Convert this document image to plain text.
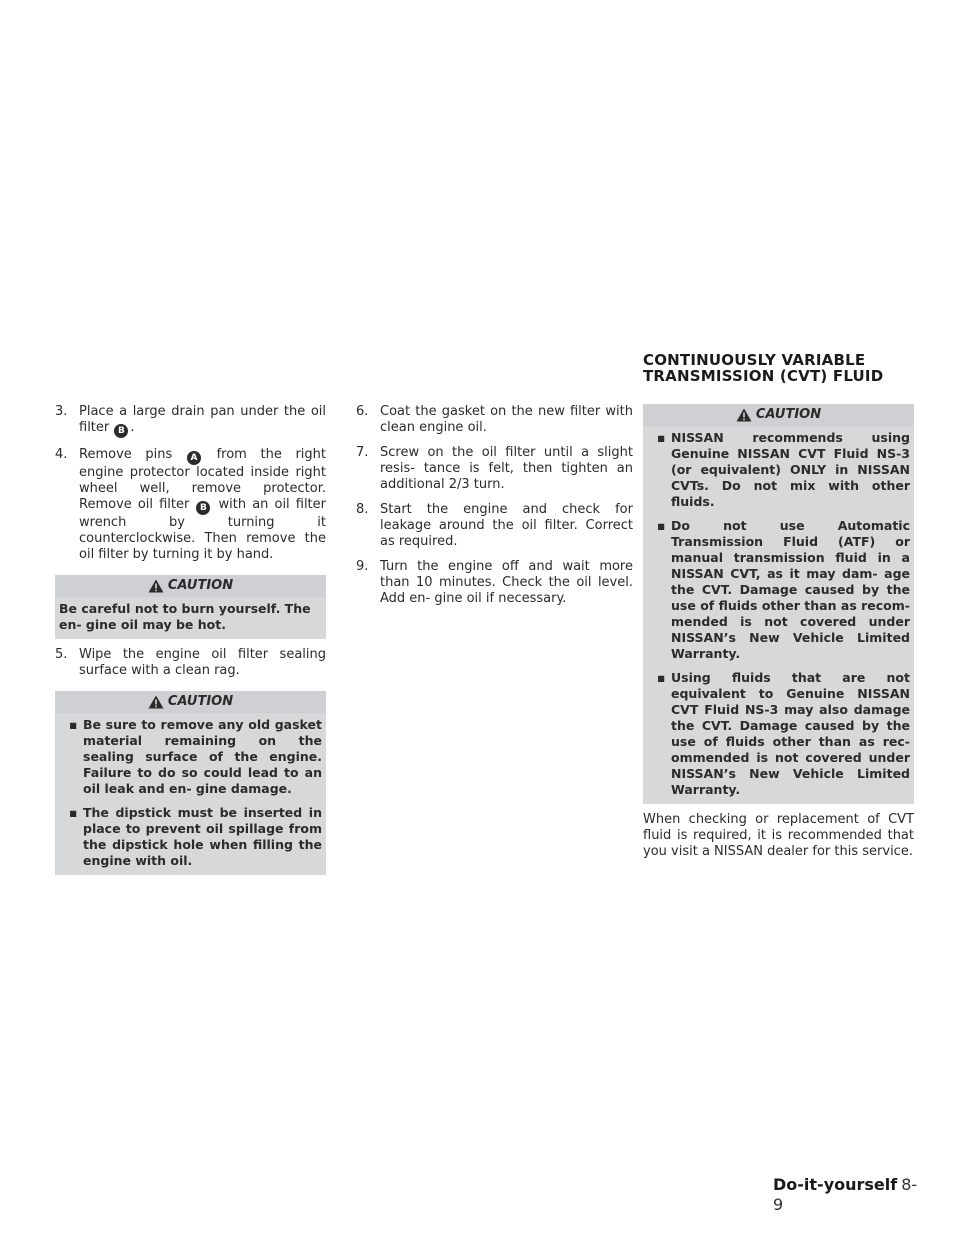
3. Place a large drain pan under the oil filter B .
4. Remove pins A from the right engine protector located inside right wheel well, remove protector. Remove oil filter B with an oil filter wrench by turning it counterclockwise. Then remove the oil filter by turning it by hand.
CAUTION

Be careful not to burn yourself. The en- gine oil may be hot.

5. Wipe the engine oil filter sealing surface with a clean rag.
CAUTION
▪ Be sure to remove any old gasket material remaining on the sealing surface of the engine. Failure to do so could lead to an oil leak and en- gine damage.
▪ The dipstick must be inserted in place to prevent oil spillage from the dipstick hole when filling the engine with oil.
6. Coat the gasket on the new filter with clean engine oil.
7. Screw on the oil filter until a slight resis- tance is felt, then tighten an additional 2/3 turn.
8. Start the engine and check for leakage around the oil filter. Correct as required.
9. Turn the engine off and wait more than 10 minutes. Check the oil level. Add en- gine oil if necessary.
CONTINUOUSLY VARIABLE
TRANSMISSION (CVT) FLUID
CAUTION
▪ NISSAN recommends using Genuine NISSAN CVT Fluid NS-3 (or equivalent) ONLY in NISSAN CVTs. Do not mix with other fluids.
▪ Do not use Automatic Transmission Fluid (ATF) or manual transmission fluid in a NISSAN CVT, as it may dam- age the CVT. Damage caused by the use of fluids other than as recom- mended is not covered under NISSAN’s New Vehicle Limited Warranty.
▪ Using fluids that are not equivalent to Genuine NISSAN CVT Fluid NS-3 may also damage the CVT. Damage caused by the use of fluids other than as rec- ommended is not covered under NISSAN’s New Vehicle Limited Warranty.

When checking or replacement of CVT fluid is required, it is recommended that you visit a NISSAN dealer for this service.

Do-it-yourself 8-9
